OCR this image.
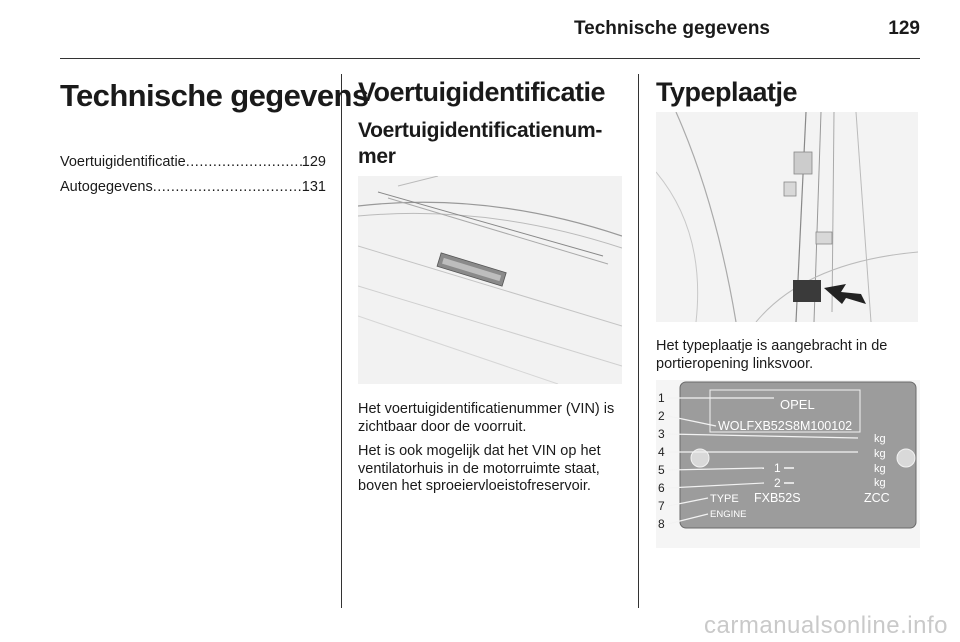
Technische gegevens	129
Technische gegevens
Voertuigidentificatie .....	129
Autogegevens .....	131
Voertuigidentificatie
Voertuigidentificatienum-
mer
Het voertuigidentificatienummer (VIN) is zichtbaar door de voorruit.
Het is ook mogelijk dat het VIN op het ventilatorhuis in de motorruimte staat, boven het sproeiervloeistofreservoir.
Typeplaatje
Het typeplaatje is aangebracht in de portieropening linksvoor.
1
2
3
4
5
6
7
8
OPEL
WOLFXB52S8M100102
kg
kg
kg
kg
1
2
TYPE FXB52S	ZCC
ENGINE
carmanualsonline.info
